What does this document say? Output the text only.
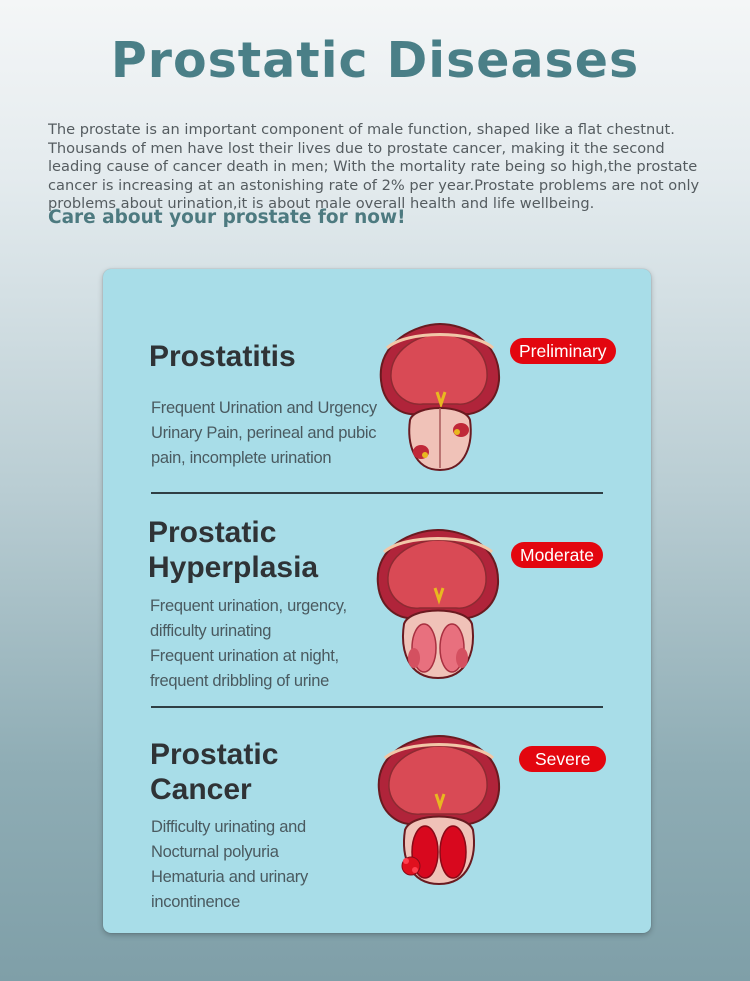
Prostatic Diseases
The prostate is an important component of male function, shaped like a flat chestnut.
Thousands of men have lost their lives due to prostate cancer, making it the second
leading cause of cancer death in men; With the mortality rate being so high,the prostate
cancer is increasing at an astonishing rate of 2% per year.Prostate problems are not only
problems about urination,it is about male overall health and life wellbeing.
Care about your prostate for now!
Prostatitis	Preliminary
Frequent Urination and Urgency
Urinary Pain, perineal and pubic
pain, incomplete urination
Prostatic
Hyperplasia	Moderate
Frequent urination, urgency,
difficulty urinating
Frequent urination at night,
frequent dribbling of urine
Prostatic
Cancer
Severe
Difficulty urinating and
Nocturnal polyuria
Hematuria and urinary
incontinence
